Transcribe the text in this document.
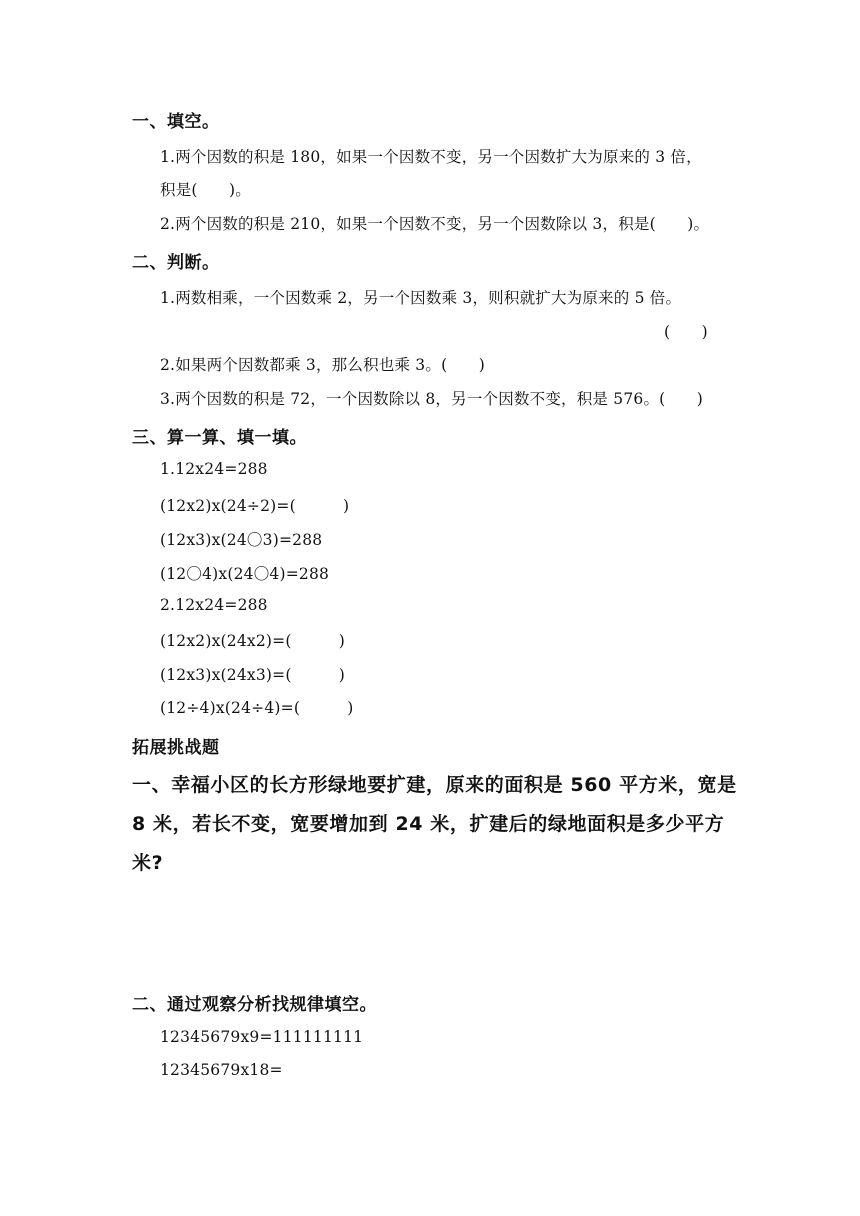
一、填空。
1.两个因数的积是 180，如果一个因数不变，另一个因数扩大为原来的 3 倍，
积是(　　)。
2.两个因数的积是 210，如果一个因数不变，另一个因数除以 3，积是(　　)。
二、判断。
1.两数相乘，一个因数乘 2，另一个因数乘 3，则积就扩大为原来的 5 倍。
(　　)
2.如果两个因数都乘 3，那么积也乘 3。(　　)
3.两个因数的积是 72，一个因数除以 8，另一个因数不变，积是 576。(　　)
三、算一算、填一填。
1.12x24=288
(12x2)x(24÷2)=(　　　)
(12x3)x(24〇3)=288
(12〇4)x(24〇4)=288
2.12x24=288
(12x2)x(24x2)=(　　　)
(12x3)x(24x3)=(　　　)
(12÷4)x(24÷4)=(　　　)
拓展挑战题
一、幸福小区的长方形绿地要扩建，原来的面积是 560 平方米，宽是
8 米，若长不变，宽要增加到 24 米，扩建后的绿地面积是多少平方
米?
二、通过观察分析找规律填空。
12345679x9=111111111
12345679x18=
